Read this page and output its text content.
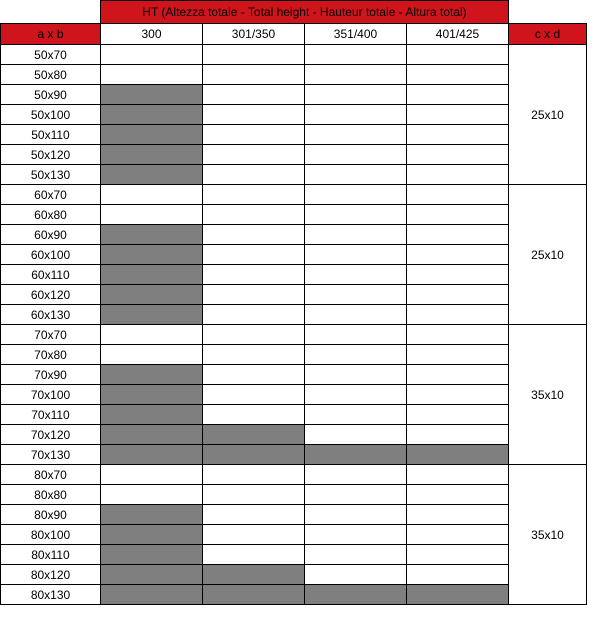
	HT (Altezza totale - Total height - Hauteur totale - Altura total)				
a x b	300	301/350	351/400	401/425	c x d
50x70					25x10
50x80					
50x90					
50x100					
50x110					
50x120					
50x130					
60x70					25x10
60x80					
60x90					
60x100					
60x110					
60x120					
60x130					
70x70					35x10
70x80					
70x90					
70x100					
70x110					
70x120					
70x130					
80x70					35x10
80x80					
80x90					
80x100					
80x110					
80x120					
80x130					
